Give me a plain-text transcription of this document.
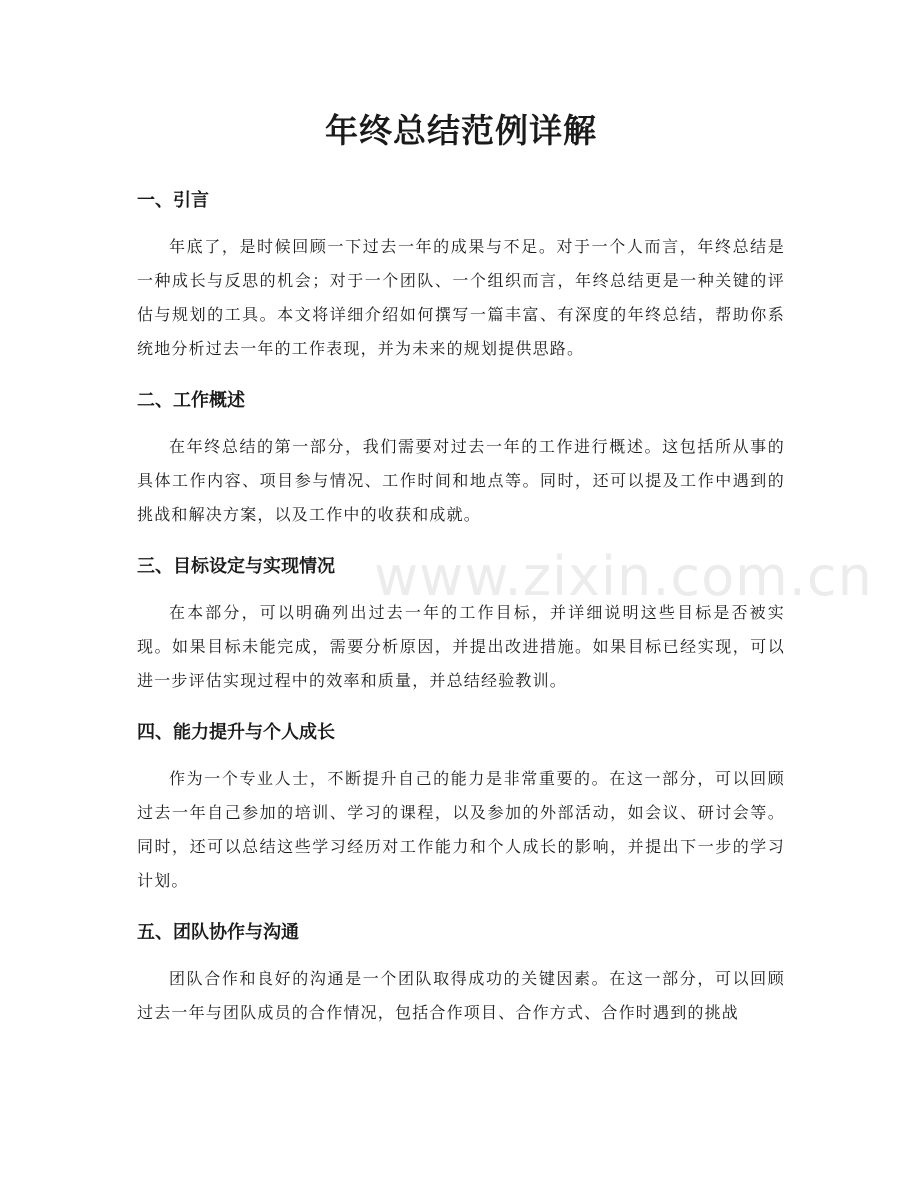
年终总结范例详解
一、引言

年底了，是时候回顾一下过去一年的成果与不足。对于一个人而言，年终总结是一种成长与反思的机会；对于一个团队、一个组织而言，年终总结更是一种关键的评估与规划的工具。本文将详细介绍如何撰写一篇丰富、有深度的年终总结，帮助你系统地分析过去一年的工作表现，并为未来的规划提供思路。

二、工作概述

在年终总结的第一部分，我们需要对过去一年的工作进行概述。这包括所从事的具体工作内容、项目参与情况、工作时间和地点等。同时，还可以提及工作中遇到的挑战和解决方案，以及工作中的收获和成就。

三、目标设定与实现情况

在本部分，可以明确列出过去一年的工作目标，并详细说明这些目标是否被实现。如果目标未能完成，需要分析原因，并提出改进措施。如果目标已经实现，可以进一步评估实现过程中的效率和质量，并总结经验教训。

四、能力提升与个人成长

作为一个专业人士，不断提升自己的能力是非常重要的。在这一部分，可以回顾过去一年自己参加的培训、学习的课程，以及参加的外部活动，如会议、研讨会等。同时，还可以总结这些学习经历对工作能力和个人成长的影响，并提出下一步的学习计划。

五、团队协作与沟通

团队合作和良好的沟通是一个团队取得成功的关键因素。在这一部分，可以回顾过去一年与团队成员的合作情况，包括合作项目、合作方式、合作时遇到的挑战

www.zixin.com.cn
